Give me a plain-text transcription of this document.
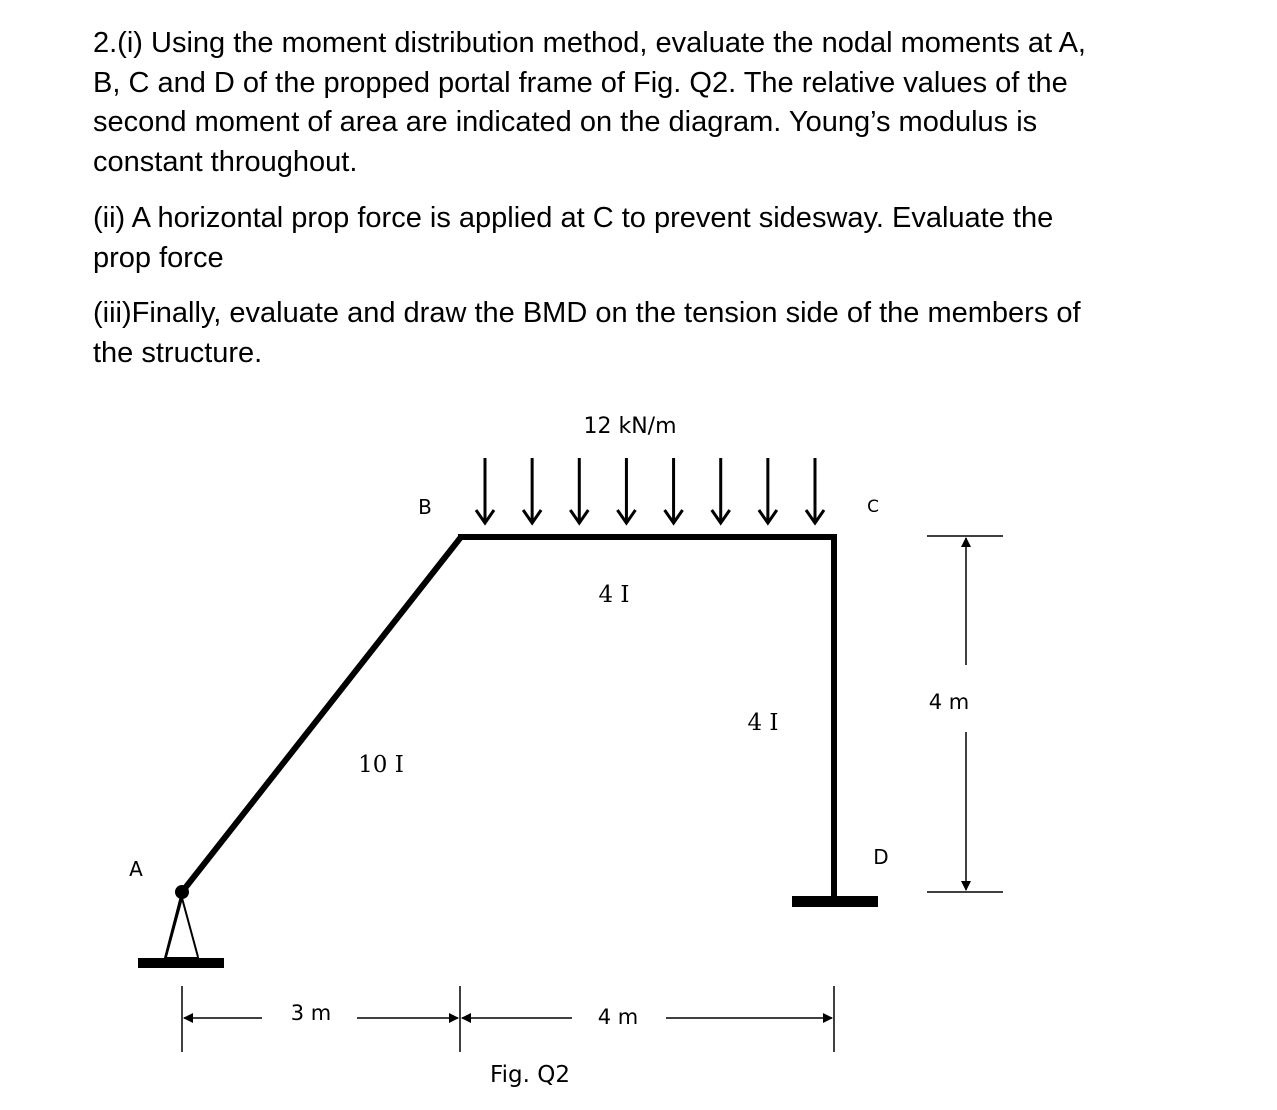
2.(i) Using the moment distribution method, evaluate the nodal moments at A,
B, C and D of the propped portal frame of Fig. Q2. The relative values of the
second moment of area are indicated on the diagram. Young’s modulus is
constant throughout.

(ii) A horizontal prop force is applied at C to prevent sidesway. Evaluate the
prop force

(iii)Finally, evaluate and draw the BMD on the tension side of the members of
the structure.

12 kN/m
A
B	C
D
10 I
4 I
4 I
4 m
3 m	4 m
Fig. Q2
